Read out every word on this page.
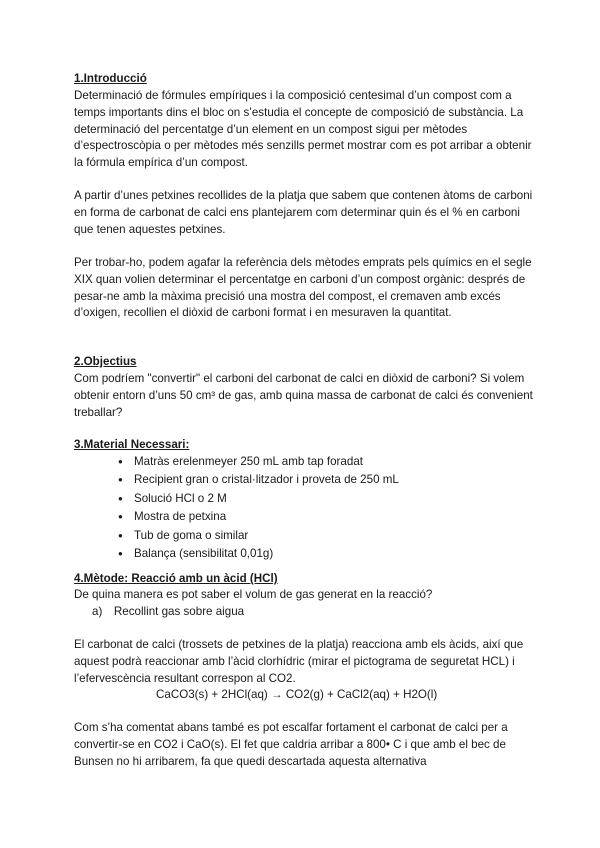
1.Introducció

Determinació de fórmules empíriques i la composició centesimal d’un compost com a temps importants dins el bloc on s’estudia el concepte de composició de substància. La determinació del percentatge d’un element en un compost sigui per mètodes d’espectroscòpia o per mètodes més senzills permet mostrar com es pot arribar a obtenir la fórmula empírica d’un compost.

A partir d’unes petxines recollides de la platja que sabem que contenen àtoms de carboni en forma de carbonat de calci ens plantejarem com determinar quin és el % en carboni que tenen aquestes petxines.

Per trobar-ho, podem agafar la referència dels mètodes emprats pels químics en el segle XIX quan volien determinar el percentatge en carboni d’un compost orgànic: després de pesar-ne amb la màxima precisió una mostra del compost, el cremaven amb excés d’oxigen, recollien el diòxid de carboni format i en mesuraven la quantitat.

2.Objectius

Com podríem "convertir" el carboni del carbonat de calci en diòxid de carboni? Si volem obtenir entorn d’uns 50 cm³ de gas, amb quina massa de carbonat de calci és convenient treballar?

3.Material Necessari:
● Matràs erelenmeyer 250 mL amb tap foradat
● Recipient gran o cristal·litzador i proveta de 250 mL
● Solució HCl o 2 M
● Mostra de petxina
● Tub de goma o similar
● Balança (sensibilitat 0,01g)
4.Mètode: Reacció amb un àcid (HCl)

De quina manera es pot saber el volum de gas generat en la reacció?

a) Recollint gas sobre aigua

El carbonat de calci (trossets de petxines de la platja) reacciona amb els àcids, així que aquest podrà reaccionar amb l’àcid clorhídric (mirar el pictograma de seguretat HCL) i l’efervescència resultant correspon al CO2.

CaCO3(s) + 2HCl(aq) → CO2(g) + CaCl2(aq) + H2O(l)

Com s’ha comentat abans també es pot escalfar fortament el carbonat de calci per a convertir-se en CO2 i CaO(s). El fet que caldria arribar a 800• C i que amb el bec de Bunsen no hi arribarem, fa que quedi descartada aquesta alternativa
